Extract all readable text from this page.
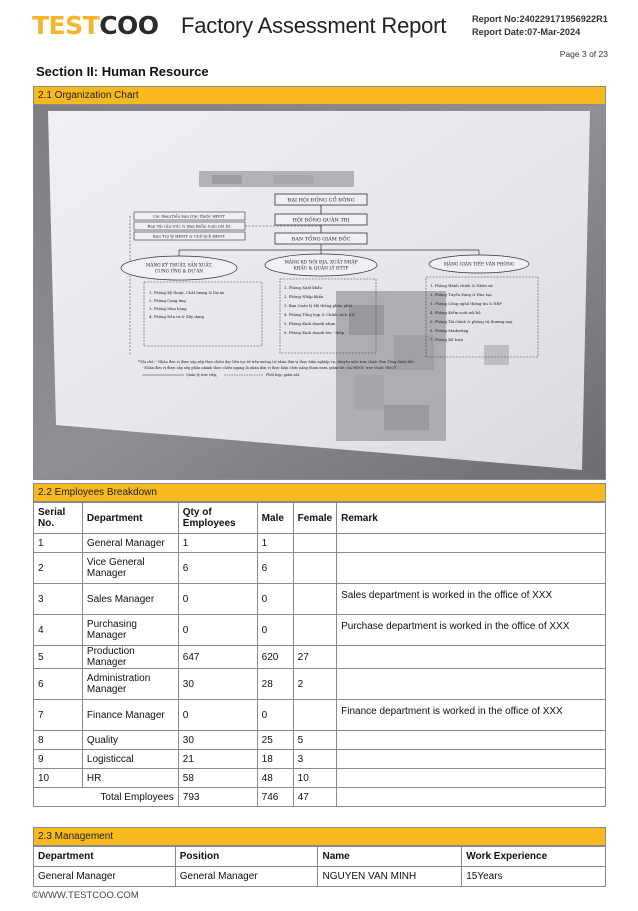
TESTCOO Factory Assessment Report	Report No:240229171956922R1
Report Date:07-Mar-2024
Page 3 of 23
Section II: Human Resource
2.1 Organization Chart
ĐẠI HỘI ĐỒNG CỔ ĐÔNG
HỘI ĐỒNG QUẢN TRỊ
BAN TỔNG GIÁM ĐỐC
Các Ban/Tiểu ban trực thuộc HĐQT
Ban Tái cấu trúc & Ban Kiểm toán nội bộ
Ban Trợ lý HĐQT & Chủ tịch HĐQT
MẢNG KỸ THUẬT, SẢN XUẤT,
CUNG ỨNG & DỰ ÁN
MẢNG KD NỘI ĐỊA, XUẤT NHẬP
KHẨU & QUẢN LÝ HTTP
MẢNG GIÁN TIẾP, VĂN PHÒNG
1. Phòng Kỹ thuật, Chất lượng & Dự án
2. Phòng Cung ứng
3. Phòng Mua hàng
4. Phòng Đầu tư & Xây dựng
1. Phòng Xuất khẩu
2. Phòng Nhập khẩu
3. Ban Quản lý Hệ thống phân phối
4. Phòng Tổng hợp & Chính sách KD
5. Phòng Kinh doanh nhựa
6. Phòng Kinh doanh tôn - thép
1. Phòng Hành chính & Nhân sự
2. Phòng Tuyển dụng & Đào tạo
3. Phòng Công nghệ thông tin & ERP
4. Phòng Kiểm soát nội bộ
5. Phòng Tài chính & phòng vệ thương mại
6. Phòng Marketing
7. Phòng Kế toán
*Ghi chú: - Nhân đơn vị được sắp xếp theo chiều dọc liên tục từ trên xuống (ví nhãn đơn vị thực hiện nghiệp vụ, chuyên môn trực thuộc Ban Tổng Giám đốc.
- Nhân đơn vị được sắp xếp phân nhánh theo chiều ngang là nhãn đơn vị thực hiện chức năng tham mưu, giám sát của HĐQT, trực thuộc HĐQT
Quản lý trực tiếp;	Phối hợp, giám sát.
2.2 Employees Breakdown
Serial No.	Department	Qty of Employees	Male	Female	Remark
1	General Manager	1	1		
2	Vice General Manager	6	6		
3	Sales Manager	0	0		Sales department is worked in the office of XXX
4	Purchasing Manager	0	0		Purchase department is worked in the office of XXX
5	Production Manager	647	620	27	
6	Administration Manager	30	28	2	
7	Finance Manager	0	0		Finance department is worked in the office of XXX
8	Quality	30	25	5	
9	Logisticcal	21	18	3	
10	HR	58	48	10	
Total Employees		793	746	47	
2.3 Management
Department	Position	Name	Work Experience
General Manager	General Manager	NGUYEN VAN MINH	15Years
©WWW.TESTCOO.COM
